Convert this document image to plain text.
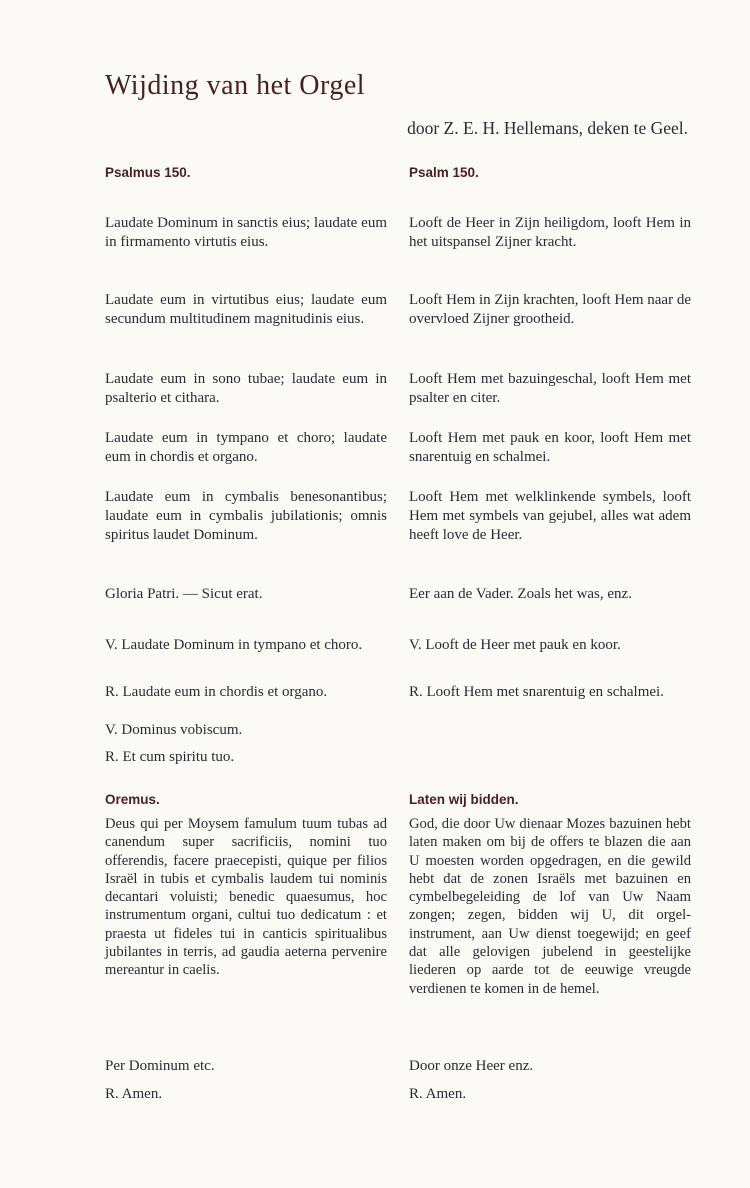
Wijding van het Orgel
door Z. E. H. Hellemans, deken te Geel.
Psalmus 150.
Laudate Dominum in sanctis eius; laudate eum in firmamento virtutis eius.
Laudate eum in virtutibus eius; laudate eum secundum multitudinem magnitudinis eius.
Laudate eum in sono tubae; laudate eum in psalterio et cithara.
Laudate eum in tympano et choro; laudate eum in chordis et organo.
Laudate eum in cymbalis benesonantibus; laudate eum in cymbalis jubilationis; omnis spiritus laudet Dominum.
Gloria Patri. — Sicut erat.
V. Laudate Dominum in tympano et choro.
R. Laudate eum in chordis et organo.
V. Dominus vobiscum.
R. Et cum spiritu tuo.
Oremus.
Deus qui per Moysem famulum tuum tubas ad canendum super sacrificiis, nomini tuo offerendis, facere praecepisti, quique per filios Israël in tubis et cymbalis laudem tui nominis decantari voluisti; benedic quaesumus, hoc instrumentum organi, cultui tuo dedicatum : et praesta ut fideles tui in canticis spiritualibus jubilantes in terris, ad gaudia aeterna pervenire mereantur in caelis.
Per Dominum etc.
R. Amen.
Psalm 150.
Looft de Heer in Zijn heiligdom, looft Hem in het uitspansel Zijner kracht.
Looft Hem in Zijn krachten, looft Hem naar de overvloed Zijner grootheid.
Looft Hem met bazuingeschal, looft Hem met psalter en citer.
Looft Hem met pauk en koor, looft Hem met snarentuig en schalmei.
Looft Hem met welklinkende symbels, looft Hem met symbels van gejubel, alles wat adem heeft love de Heer.
Eer aan de Vader. Zoals het was, enz.
V. Looft de Heer met pauk en koor.
R. Looft Hem met snarentuig en schalmei.
Laten wij bidden.
God, die door Uw dienaar Mozes bazuinen hebt laten maken om bij de offers te blazen die aan U moesten worden opgedragen, en die gewild hebt dat de zonen Israëls met bazuinen en cymbelbegeleiding de lof van Uw Naam zongen; zegen, bidden wij U, dit orgel-instrument, aan Uw dienst toegewijd; en geef dat alle gelovigen jubelend in geestelijke liederen op aarde tot de eeuwige vreugde verdienen te komen in de hemel.
Door onze Heer enz.
R. Amen.
